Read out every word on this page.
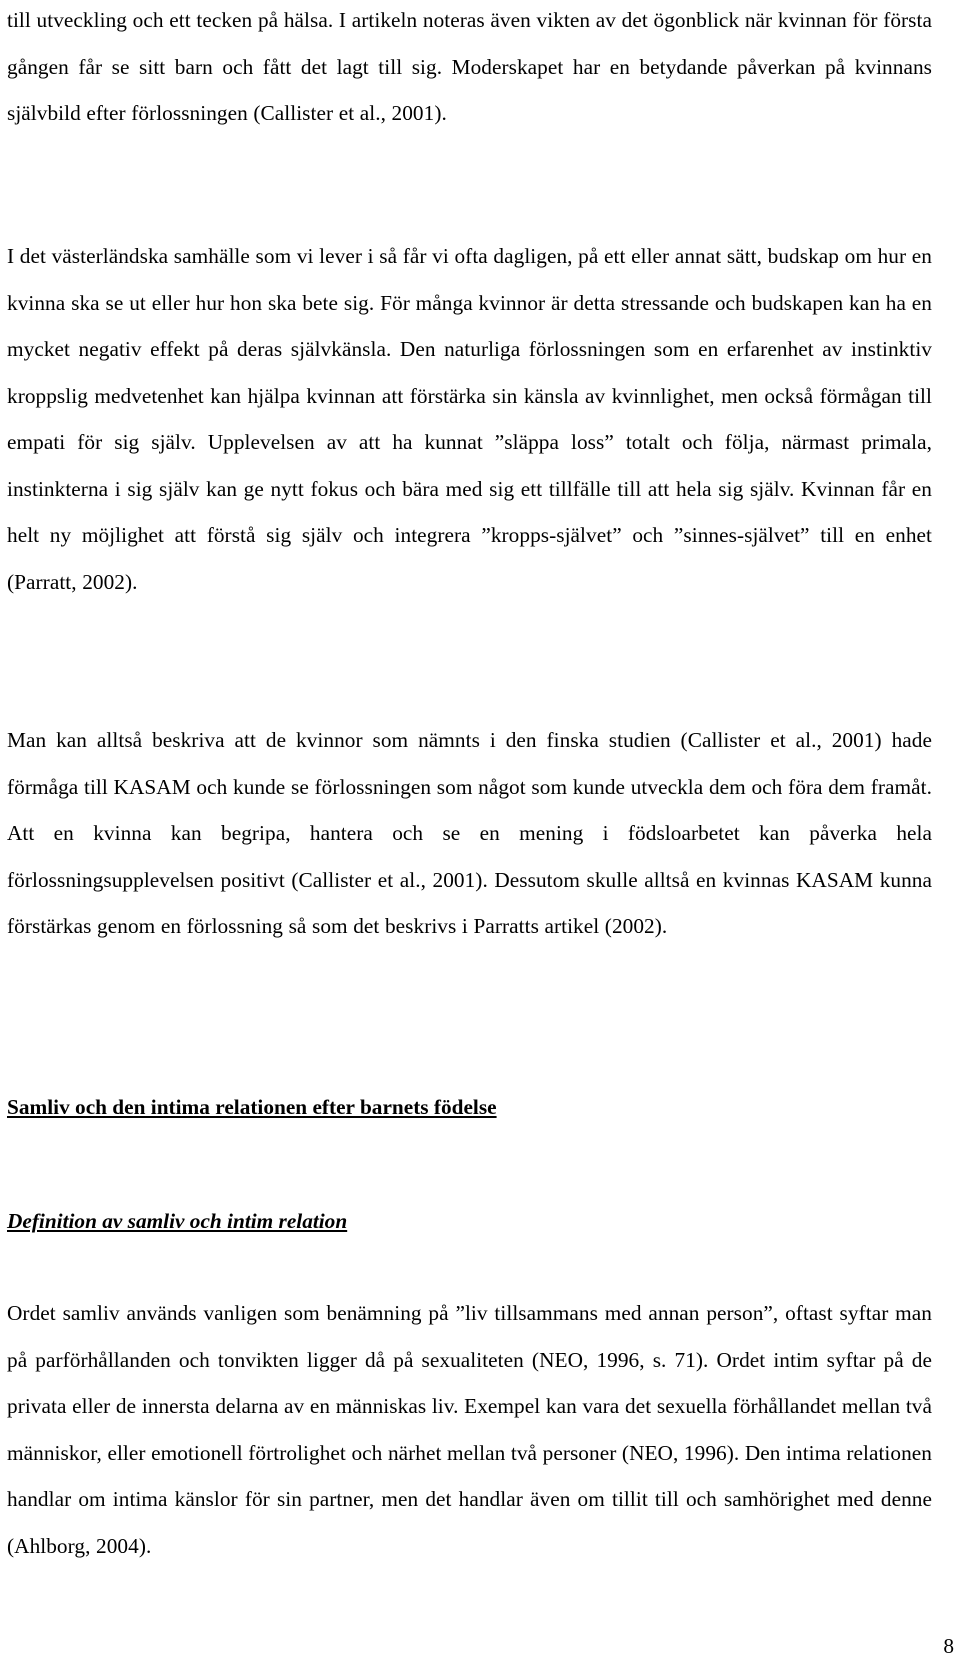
till utveckling och ett tecken på hälsa. I artikeln noteras även vikten av det ögonblick när kvinnan för första gången får se sitt barn och fått det lagt till sig. Moderskapet har en betydande påverkan på kvinnans självbild efter förlossningen (Callister et al., 2001).

I det västerländska samhälle som vi lever i så får vi ofta dagligen, på ett eller annat sätt, budskap om hur en kvinna ska se ut eller hur hon ska bete sig. För många kvinnor är detta stressande och budskapen kan ha en mycket negativ effekt på deras självkänsla. Den naturliga förlossningen som en erfarenhet av instinktiv kroppslig medvetenhet kan hjälpa kvinnan att förstärka sin känsla av kvinnlighet, men också förmågan till empati för sig själv. Upplevelsen av att ha kunnat ”släppa loss” totalt och följa, närmast primala, instinkterna i sig själv kan ge nytt fokus och bära med sig ett tillfälle till att hela sig själv. Kvinnan får en helt ny möjlighet att förstå sig själv och integrera ”kropps-självet” och ”sinnes-självet” till en enhet (Parratt, 2002).

Man kan alltså beskriva att de kvinnor som nämnts i den finska studien (Callister et al., 2001) hade förmåga till KASAM och kunde se förlossningen som något som kunde utveckla dem och föra dem framåt. Att en kvinna kan begripa, hantera och se en mening i födsloarbetet kan påverka hela förlossningsupplevelsen positivt (Callister et al., 2001). Dessutom skulle alltså en kvinnas KASAM kunna förstärkas genom en förlossning så som det beskrivs i Parratts artikel (2002).

Samliv och den intima relationen efter barnets födelse
Definition av samliv och intim relation

Ordet samliv används vanligen som benämning på ”liv tillsammans med annan person”, oftast syftar man på parförhållanden och tonvikten ligger då på sexualiteten (NEO, 1996, s. 71). Ordet intim syftar på de privata eller de innersta delarna av en människas liv. Exempel kan vara det sexuella förhållandet mellan två människor, eller emotionell förtrolighet och närhet mellan två personer (NEO, 1996). Den intima relationen handlar om intima känslor för sin partner, men det handlar även om tillit till och samhörighet med denne (Ahlborg, 2004).

8
